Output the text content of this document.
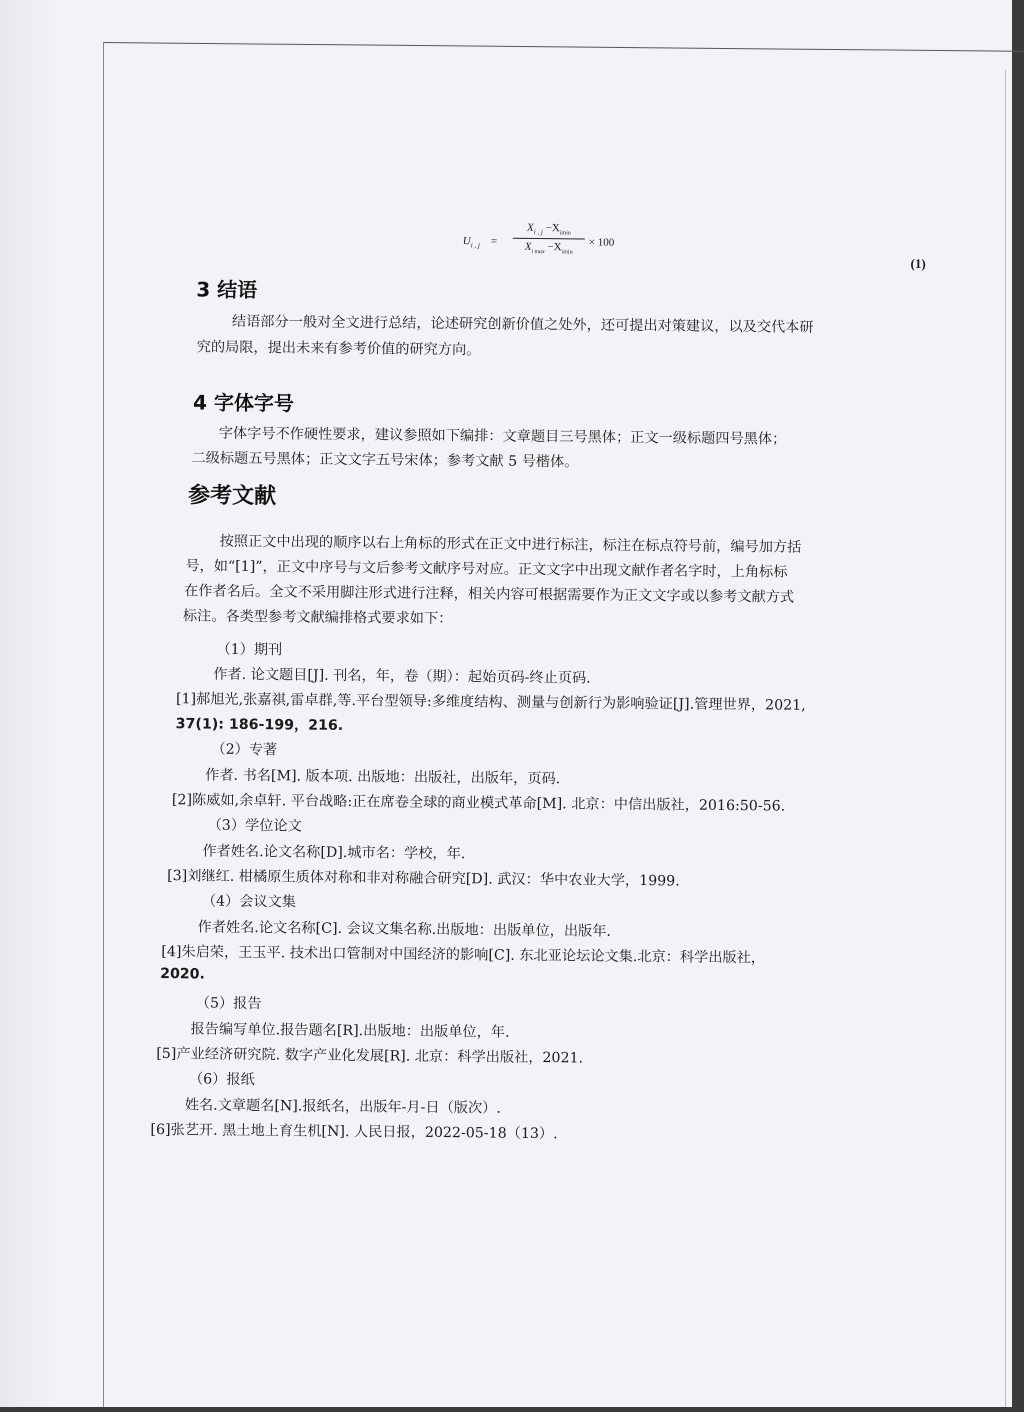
$U_{i , j}$ =
$X_{i , j} -X_{imin}$
$X_{i max} -X_{imin}$
× 100
(1)
3 结语
结语部分一般对全文进行总结，论述研究创新价值之处外，还可提出对策建议，以及交代本研
究的局限，提出未来有参考价值的研究方向。
4 字体字号
字体字号不作硬性要求，建议参照如下编排：文章题目三号黑体；正文一级标题四号黑体；
二级标题五号黑体；正文文字五号宋体；参考文献 5 号楷体。
参考文献
按照正文中出现的顺序以右上角标的形式在正文中进行标注，标注在标点符号前，编号加方括
号，如“[1]”，正文中序号与文后参考文献序号对应。正文文字中出现文献作者名字时，上角标标
在作者名后。全文不采用脚注形式进行注释，相关内容可根据需要作为正文文字或以参考文献方式
标注。各类型参考文献编排格式要求如下：
（1）期刊
作者. 论文题目[J]. 刊名，年，卷（期）：起始页码-终止页码.
[1]郝旭光,张嘉祺,雷卓群,等.平台型领导:多维度结构、测量与创新行为影响验证[J].管理世界，2021,
37(1): 186-199，216.
（2）专著
作者. 书名[M]. 版本项. 出版地：出版社，出版年，页码.
[2]陈威如,余卓轩. 平台战略:正在席卷全球的商业模式革命[M]. 北京：中信出版社，2016:50-56.
（3）学位论文
作者姓名.论文名称[D].城市名：学校，年.
[3]刘继红. 柑橘原生质体对称和非对称融合研究[D]. 武汉：华中农业大学，1999.
（4）会议文集
作者姓名.论文名称[C]. 会议文集名称.出版地：出版单位，出版年.
[4]朱启荣，王玉平. 技术出口管制对中国经济的影响[C]. 东北亚论坛论文集.北京：科学出版社，
2020.
（5）报告
报告编写单位.报告题名[R].出版地：出版单位，年.
[5]产业经济研究院. 数字产业化发展[R]. 北京：科学出版社，2021.
（6）报纸
姓名.文章题名[N].报纸名，出版年-月-日（版次）.
[6]张艺开. 黑土地上育生机[N]. 人民日报，2022-05-18（13）.
